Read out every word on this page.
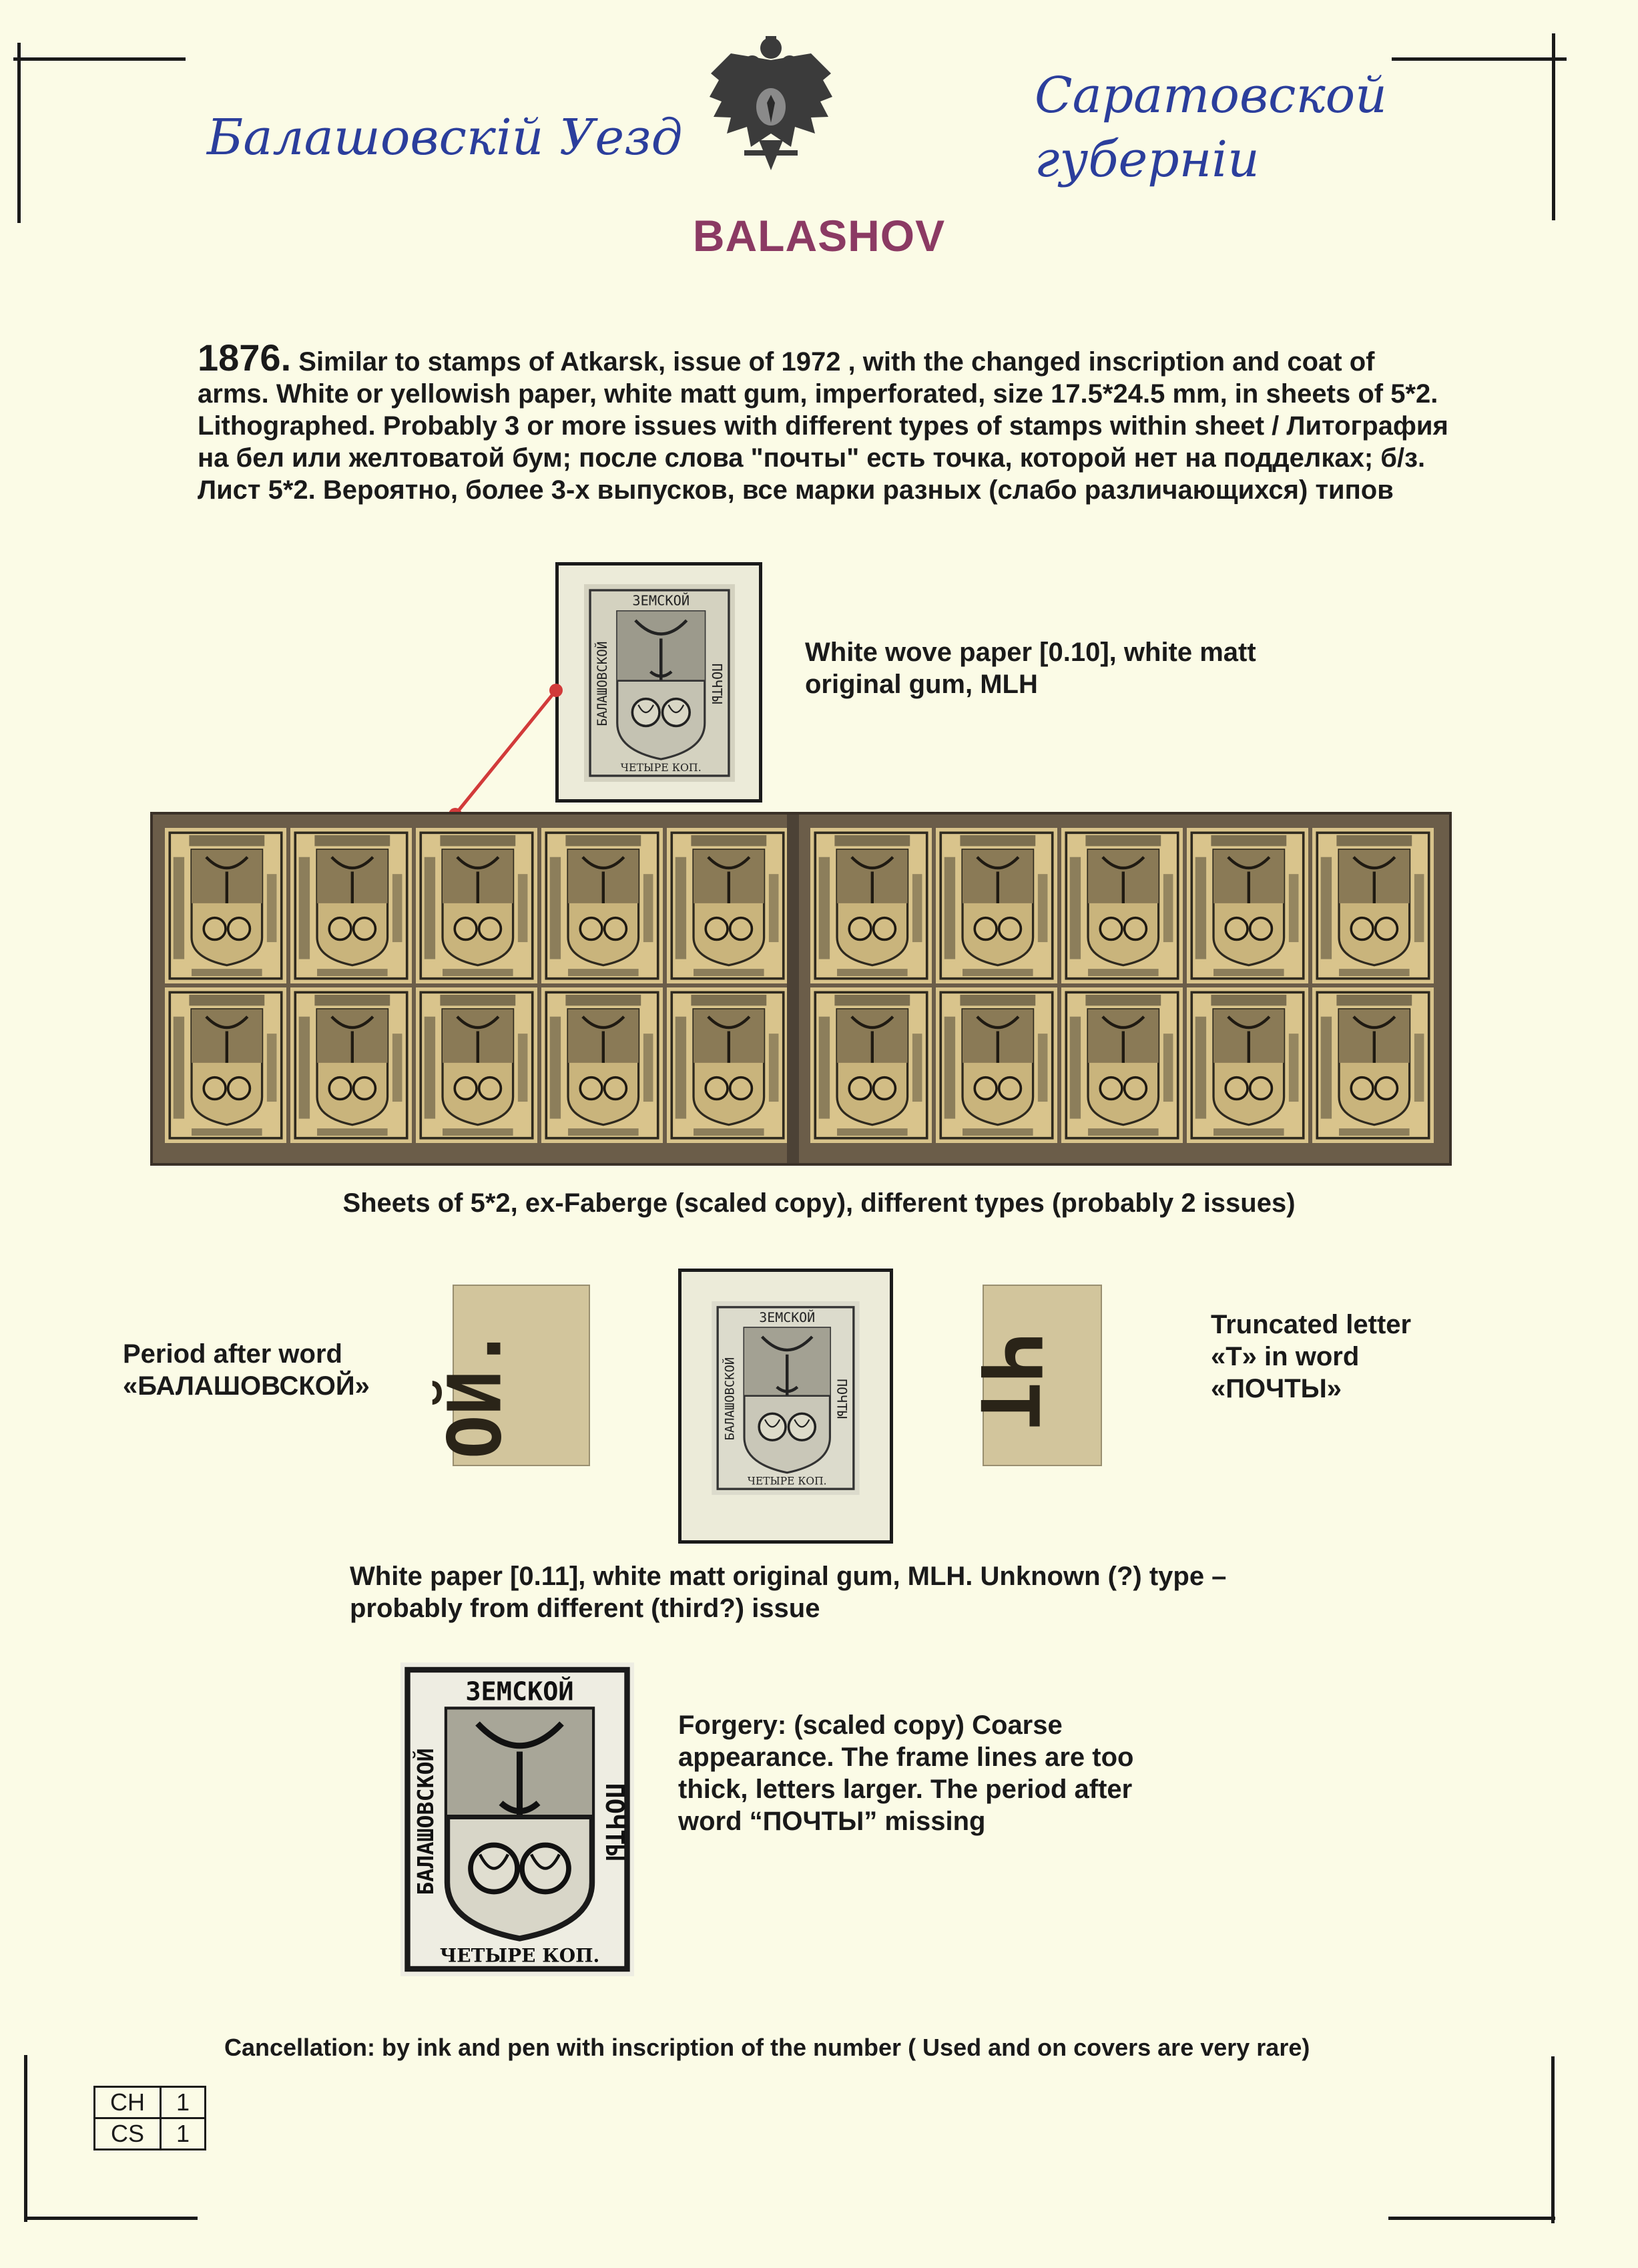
Балашовскій Уезд
Саратовской
губерніи
BALASHOV
1876. Similar to stamps of Atkarsk, issue of 1972 , with the changed inscription and coat of arms. White or yellowish paper, white matt gum, imperforated, size 17.5*24.5 mm, in sheets of 5*2. Lithographed. Probably 3 or more issues with different types of stamps within sheet / Литография на бел или желтоватой бум; после слова "почты" есть точка, которой нет на подделках; б/з. Лист 5*2. Вероятно, более 3-х выпусков, все марки разных (слабо различающихся) типов
ЗЕМСКОЙ
БАЛАШОВСКОЙ	ПОЧТЫ
ЧЕТЫРЕ КОП.
White wove paper [0.10], white matt original gum, MLH
Sheets of 5*2, ex-Faberge (scaled copy), different types (probably 2 issues)
Period after word
«БАЛАШОВСКОЙ» ОЙ.
ЗЕМСКОЙ
БАЛАШОВСКОЙ	ПОЧТЫ
ЧЕТЫРЕ КОП.
ЧТ
Truncated letter
«Т» in word
«ПОЧТЫ»
White paper [0.11], white matt original gum, MLH. Unknown (?) type – probably from different (third?) issue
ЗЕМСКОЙ
БАЛАШОВСКОЙ	ПОЧТЫ
ЧЕТЫРЕ КОП.
Forgery: (scaled copy) Coarse appearance. The frame lines are too thick, letters larger. The period after word “ПОЧТЫ” missing
Cancellation: by ink and pen with inscription of the number ( Used and on covers are very rare)
CH	1
CS	1
